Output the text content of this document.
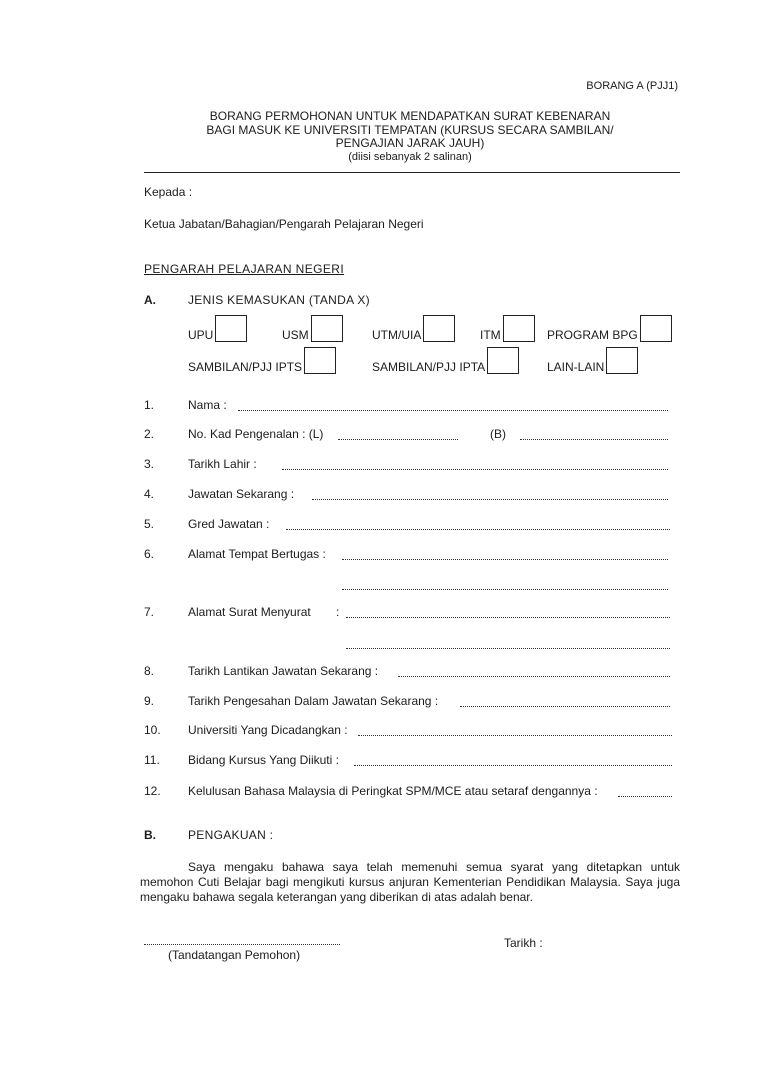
BORANG A (PJJ1)
BORANG PERMOHONAN UNTUK MENDAPATKAN SURAT KEBENARAN
BAGI MASUK KE UNIVERSITI TEMPATAN (KURSUS SECARA SAMBILAN/
PENGAJIAN JARAK JAUH)
(diisi sebanyak 2 salinan)
Kepada :
Ketua Jabatan/Bahagian/Pengarah Pelajaran Negeri
PENGARAH PELAJARAN NEGERI
A.	JENIS KEMASUKAN (TANDA X)
UPU	USM	UTM/UIA	ITM	PROGRAM BPG
SAMBILAN/PJJ IPTS	SAMBILAN/PJJ IPTA	LAIN-LAIN
1.	Nama :
2.	No. Kad Pengenalan : (L)	(B)
3.	Tarikh Lahir :
4.	Jawatan Sekarang :
5.	Gred Jawatan :
6.	Alamat Tempat Bertugas :
7.	Alamat Surat Menyurat :
8.	Tarikh Lantikan Jawatan Sekarang :
9.	Tarikh Pengesahan Dalam Jawatan Sekarang :
10. Universiti Yang Dicadangkan :
11. Bidang Kursus Yang Diikuti :
12. Kelulusan Bahasa Malaysia di Peringkat SPM/MCE atau setaraf dengannya :
B.	PENGAKUAN :
Saya mengaku bahawa saya telah memenuhi semua syarat yang ditetapkan untuk memohon Cuti Belajar bagi mengikuti kursus anjuran Kementerian Pendidikan Malaysia. Saya juga mengaku bahawa segala keterangan yang diberikan di atas adalah benar.
(Tandatangan Pemohon)
Tarikh :
